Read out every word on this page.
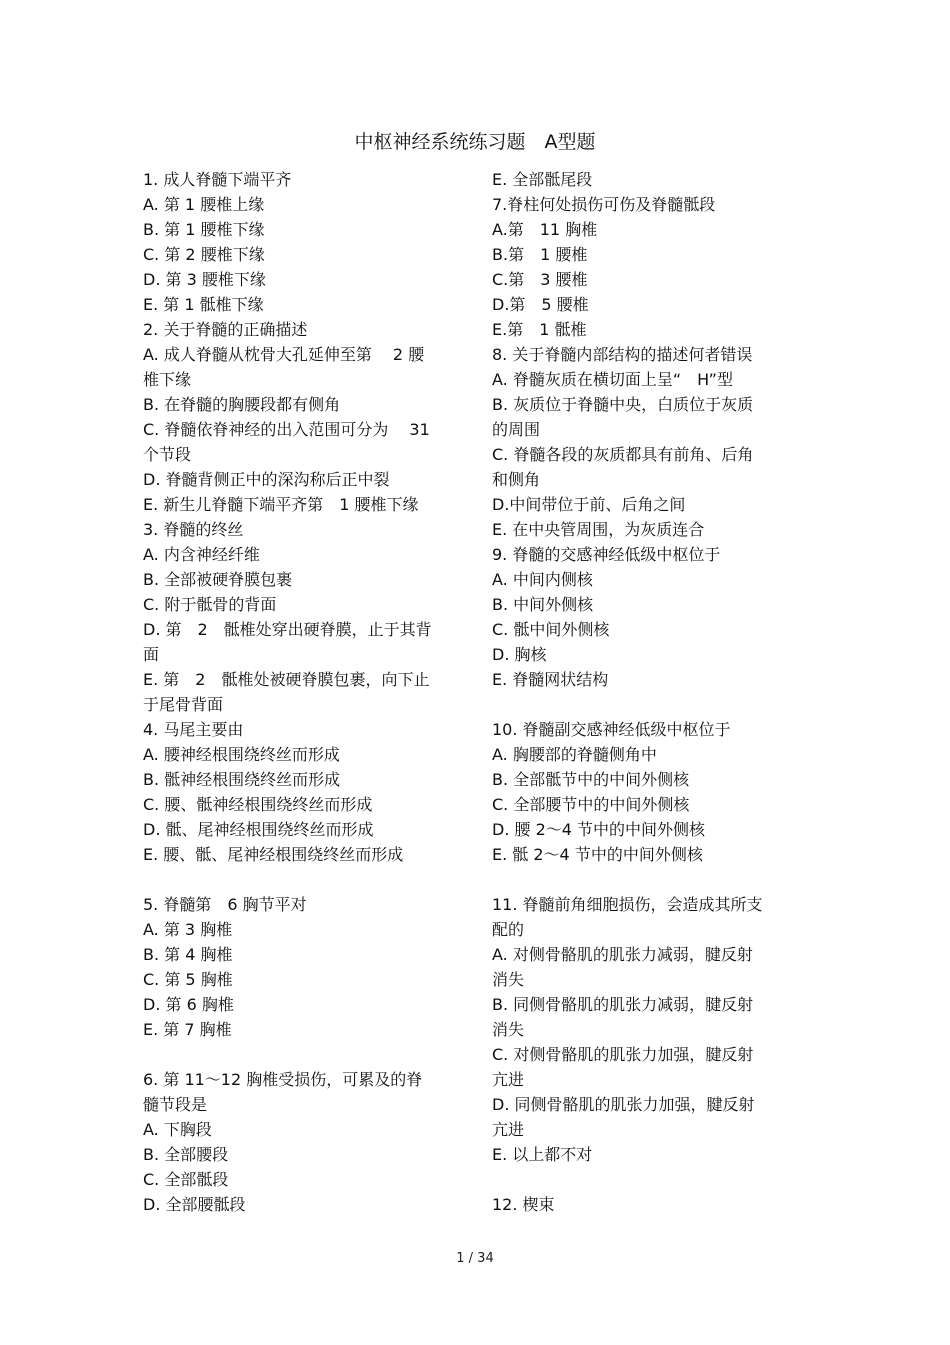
中枢神经系统练习题　A型题
1. 成人脊髓下端平齐
A. 第 1 腰椎上缘
B. 第 1 腰椎下缘
C. 第 2 腰椎下缘
D. 第 3 腰椎下缘
E. 第 1 骶椎下缘
2. 关于脊髓的正确描述
A. 成人脊髓从枕骨大孔延伸至第　 2 腰
椎下缘
B. 在脊髓的胸腰段都有侧角
C. 脊髓依脊神经的出入范围可分为　 31
个节段
D. 脊髓背侧正中的深沟称后正中裂
E. 新生儿脊髓下端平齐第　1 腰椎下缘
3. 脊髓的终丝
A. 内含神经纤维
B. 全部被硬脊膜包裹
C. 附于骶骨的背面
D. 第　2　骶椎处穿出硬脊膜，止于其背
面
E. 第　2　骶椎处被硬脊膜包裹，向下止
于尾骨背面
4. 马尾主要由
A. 腰神经根围绕终丝而形成
B. 骶神经根围绕终丝而形成
C. 腰、骶神经根围绕终丝而形成
D. 骶、尾神经根围绕终丝而形成
E. 腰、骶、尾神经根围绕终丝而形成
5. 脊髓第　6 胸节平对
A. 第 3 胸椎
B. 第 4 胸椎
C. 第 5 胸椎
D. 第 6 胸椎
E. 第 7 胸椎
6. 第 11～12 胸椎受损伤，可累及的脊
髓节段是
A. 下胸段
B. 全部腰段
C. 全部骶段
D. 全部腰骶段
E. 全部骶尾段
7.脊柱何处损伤可伤及脊髓骶段
A.第　11 胸椎
B.第　1 腰椎
C.第　3 腰椎
D.第　5 腰椎
E.第　1 骶椎
8. 关于脊髓内部结构的描述何者错误
A. 脊髓灰质在横切面上呈“　H”型
B. 灰质位于脊髓中央，白质位于灰质
的周围
C. 脊髓各段的灰质都具有前角、后角
和侧角
D.中间带位于前、后角之间
E. 在中央管周围，为灰质连合
9. 脊髓的交感神经低级中枢位于
A. 中间内侧核
B. 中间外侧核
C. 骶中间外侧核
D. 胸核
E. 脊髓网状结构
10. 脊髓副交感神经低级中枢位于
A. 胸腰部的脊髓侧角中
B. 全部骶节中的中间外侧核
C. 全部腰节中的中间外侧核
D. 腰 2～4 节中的中间外侧核
E. 骶 2～4 节中的中间外侧核
11. 脊髓前角细胞损伤，会造成其所支
配的
A. 对侧骨骼肌的肌张力减弱，腱反射
消失
B. 同侧骨骼肌的肌张力减弱，腱反射
消失
C. 对侧骨骼肌的肌张力加强，腱反射
亢进
D. 同侧骨骼肌的肌张力加强，腱反射
亢进
E. 以上都不对
12. 楔束
1 / 34
